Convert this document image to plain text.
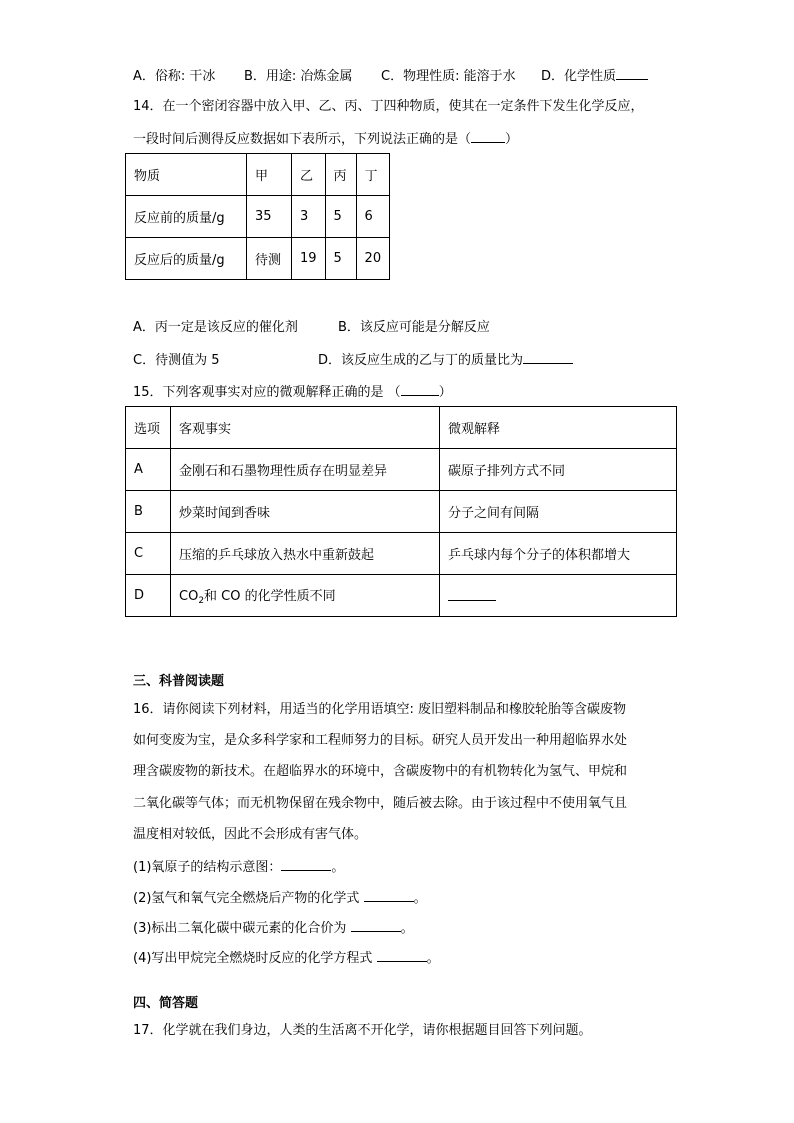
A．俗称: 干冰 B．用途: 冶炼金属 C．物理性质: 能溶于水 D．化学性质
14．在一个密闭容器中放入甲、乙、丙、丁四种物质，使其在一定条件下发生化学反应，
一段时间后测得反应数据如下表所示，下列说法正确的是（	）
物质	甲	乙	丙	丁
反应前的质量/g	35	3	5	6
反应后的质量/g	待测	19	5	20
A．丙一定是该反应的催化剂	B．该反应可能是分解反应
C．待测值为 5	D．该反应生成的乙与丁的质量比为
15．下列客观事实对应的微观解释正确的是 （	）
选项	客观事实	微观解释
A	金刚石和石墨物理性质存在明显差异	碳原子排列方式不同
B	炒菜时闻到香味	分子之间有间隔
C	压缩的乒乓球放入热水中重新鼓起	乒乓球内每个分子的体积都增大
D	$CO_2$和 CO 的化学性质不同	
三、科普阅读题
16．请你阅读下列材料，用适当的化学用语填空: 废旧塑料制品和橡胶轮胎等含碳废物
如何变废为宝，是众多科学家和工程师努力的目标。研究人员开发出一种用超临界水处
理含碳废物的新技术。在超临界水的环境中，含碳废物中的有机物转化为氢气、甲烷和
二氧化碳等气体；而无机物保留在残余物中，随后被去除。由于该过程中不使用氧气且
温度相对较低，因此不会形成有害气体。
(1)氧原子的结构示意图：	。
(2)氢气和氧气完全燃烧后产物的化学式	。
(3)标出二氧化碳中碳元素的化合价为	。
(4)写出甲烷完全燃烧时反应的化学方程式	。
四、简答题
17．化学就在我们身边，人类的生活离不开化学，请你根据题目回答下列问题。
